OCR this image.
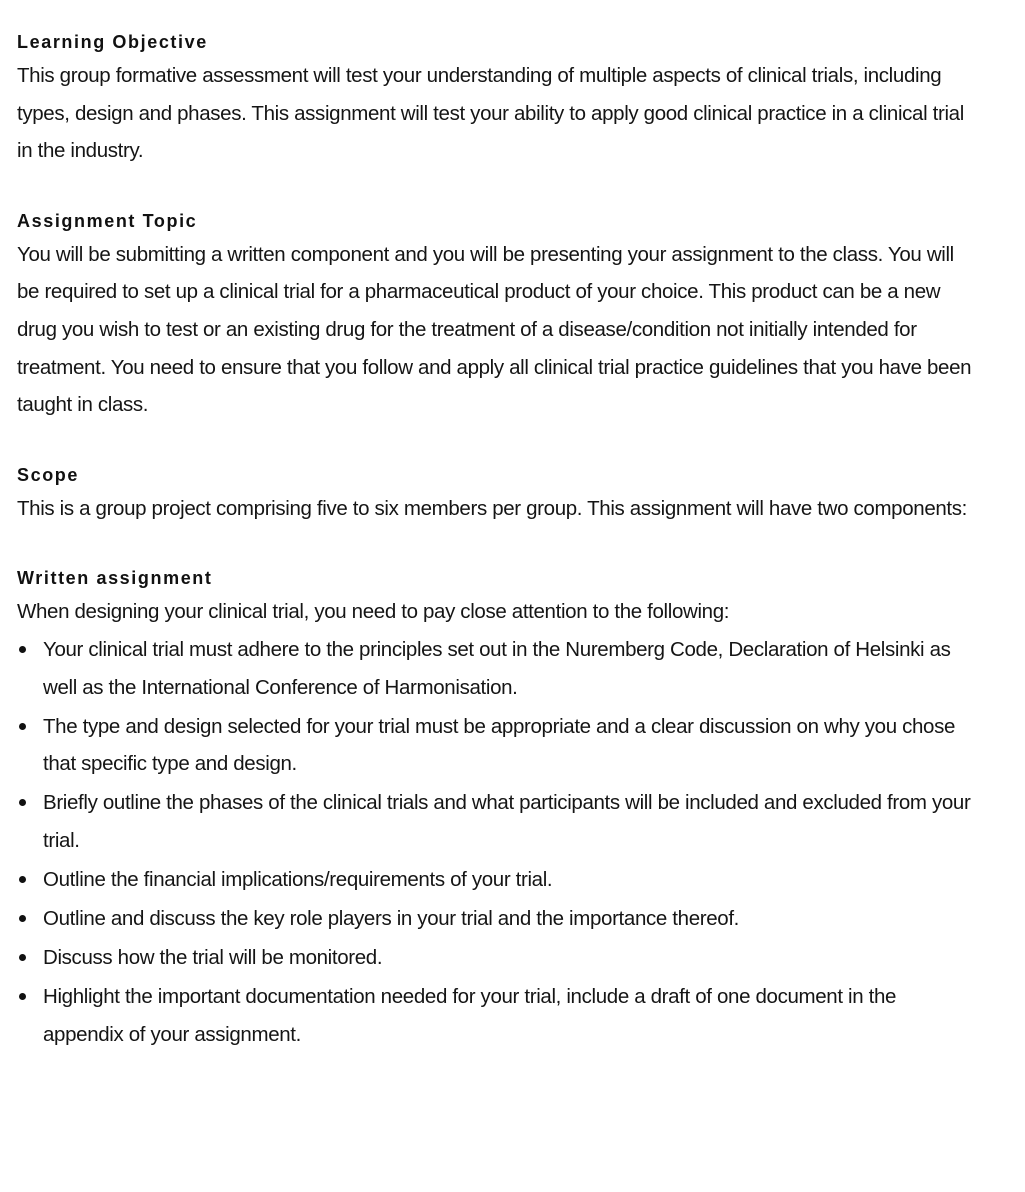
Learning Objective

This group formative assessment will test your understanding of multiple aspects of clinical trials, including types, design and phases. This assignment will test your ability to apply good clinical practice in a clinical trial in the industry.

Assignment Topic

You will be submitting a written component and you will be presenting your assignment to the class. You will be required to set up a clinical trial for a pharmaceutical product of your choice. This product can be a new drug you wish to test or an existing drug for the treatment of a disease/condition not initially intended for treatment. You need to ensure that you follow and apply all clinical trial practice guidelines that you have been taught in class.

Scope

This is a group project comprising five to six members per group. This assignment will have two components:

Written assignment

When designing your clinical trial, you need to pay close attention to the following:

Your clinical trial must adhere to the principles set out in the Nuremberg Code, Declaration of Helsinki as well as the International Conference of Harmonisation.
The type and design selected for your trial must be appropriate and a clear discussion on why you chose that specific type and design.
Briefly outline the phases of the clinical trials and what participants will be included and excluded from your trial.
Outline the financial implications/requirements of your trial.
Outline and discuss the key role players in your trial and the importance thereof.
Discuss how the trial will be monitored.
Highlight the important documentation needed for your trial, include a draft of one document in the appendix of your assignment.
